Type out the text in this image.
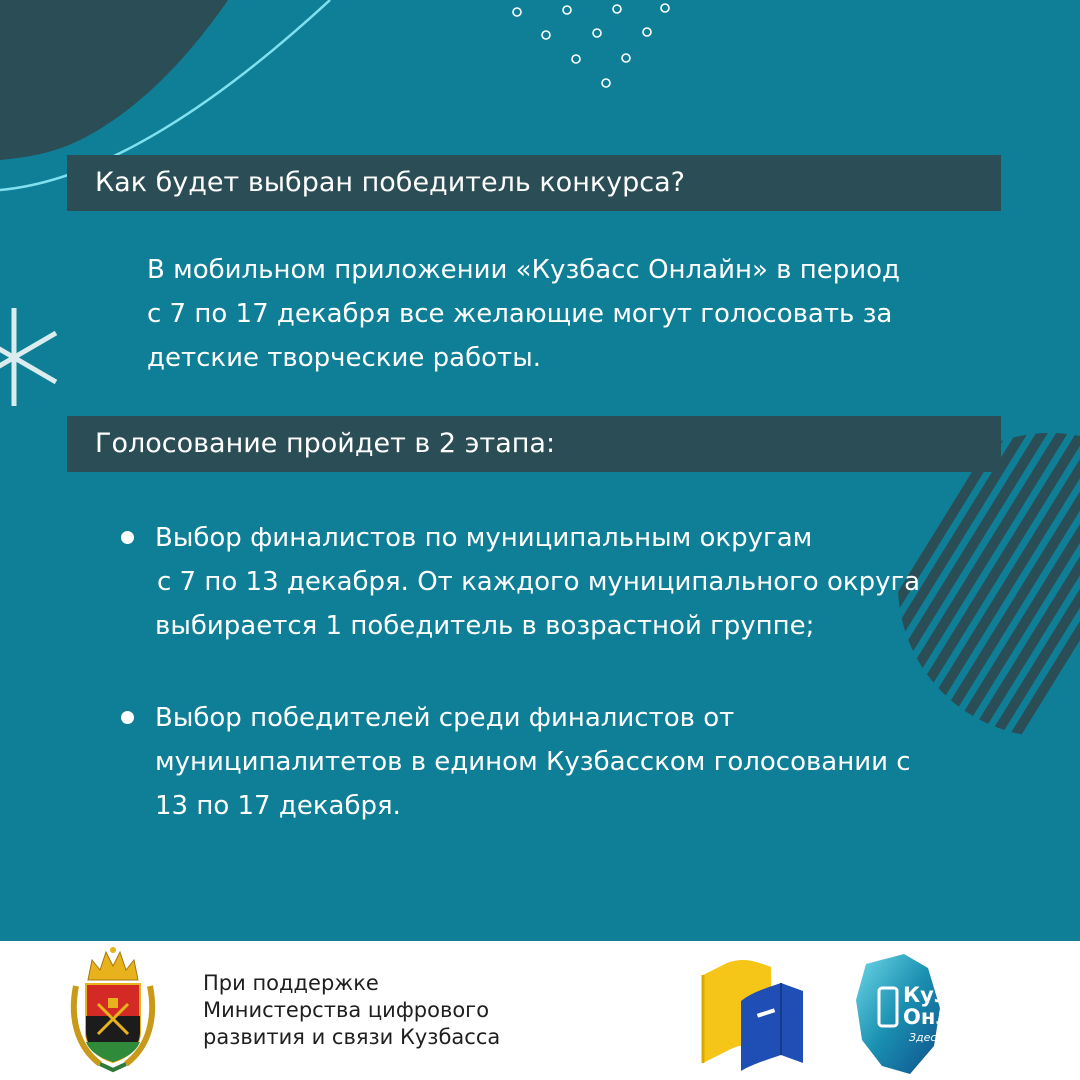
Как будет выбран победитель конкурса?
В мобильном приложении «Кузбасс Онлайн» в период
с 7 по 17 декабря все желающие могут голосовать за
детские творческие работы.
Голосование пройдет в 2 этапа:
Выбор финалистов по муниципальным округам
с 7 по 13 декабря. От каждого муниципального округа
выбирается 1 победитель в возрастной группе;
Выбор победителей среди финалистов от
муниципалитетов в едином Кузбасском голосовании с
13 по 17 декабря.

При поддержке
Министерства цифрового
развития и связи Кузбасса

Кузбасс
Онлайн
Здесь решают!
